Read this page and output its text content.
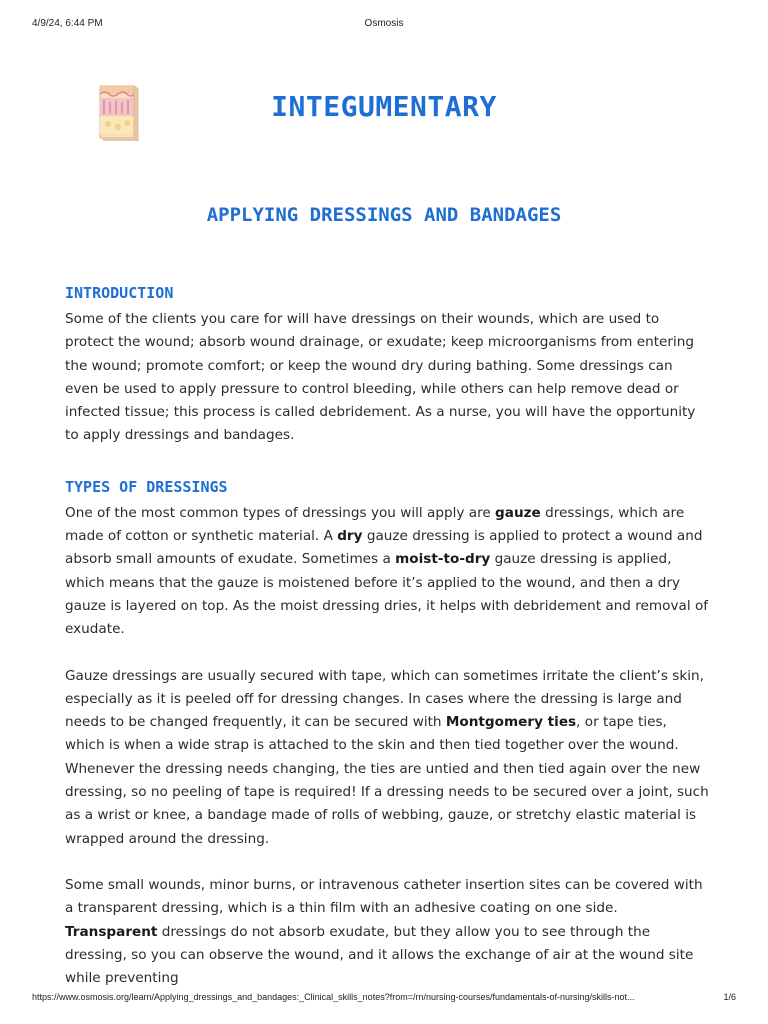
4/9/24, 6:44 PM	Osmosis
INTEGUMENTARY
APPLYING DRESSINGS AND BANDAGES
INTRODUCTION

Some of the clients you care for will have dressings on their wounds, which are used to protect the wound; absorb wound drainage, or exudate; keep microorganisms from entering the wound; promote comfort; or keep the wound dry during bathing. Some dressings can even be used to apply pressure to control bleeding, while others can help remove dead or infected tissue; this process is called debridement. As a nurse, you will have the opportunity to apply dressings and bandages.

TYPES OF DRESSINGS

One of the most common types of dressings you will apply are gauze dressings, which are made of cotton or synthetic material. A dry gauze dressing is applied to protect a wound and absorb small amounts of exudate. Sometimes a moist-to-dry gauze dressing is applied, which means that the gauze is moistened before it’s applied to the wound, and then a dry gauze is layered on top. As the moist dressing dries, it helps with debridement and removal of exudate.

Gauze dressings are usually secured with tape, which can sometimes irritate the client’s skin, especially as it is peeled off for dressing changes. In cases where the dressing is large and needs to be changed frequently, it can be secured with Montgomery ties, or tape ties, which is when a wide strap is attached to the skin and then tied together over the wound. Whenever the dressing needs changing, the ties are untied and then tied again over the new dressing, so no peeling of tape is required! If a dressing needs to be secured over a joint, such as a wrist or knee, a bandage made of rolls of webbing, gauze, or stretchy elastic material is wrapped around the dressing.

Some small wounds, minor burns, or intravenous catheter insertion sites can be covered with a transparent dressing, which is a thin film with an adhesive coating on one side. Transparent dressings do not absorb exudate, but they allow you to see through the dressing, so you can observe the wound, and it allows the exchange of air at the wound site while preventing

https://www.osmosis.org/learn/Applying_dressings_and_bandages:_Clinical_skills_notes?from=/rn/nursing-courses/fundamentals-of-nursing/skills-not...	1/6
